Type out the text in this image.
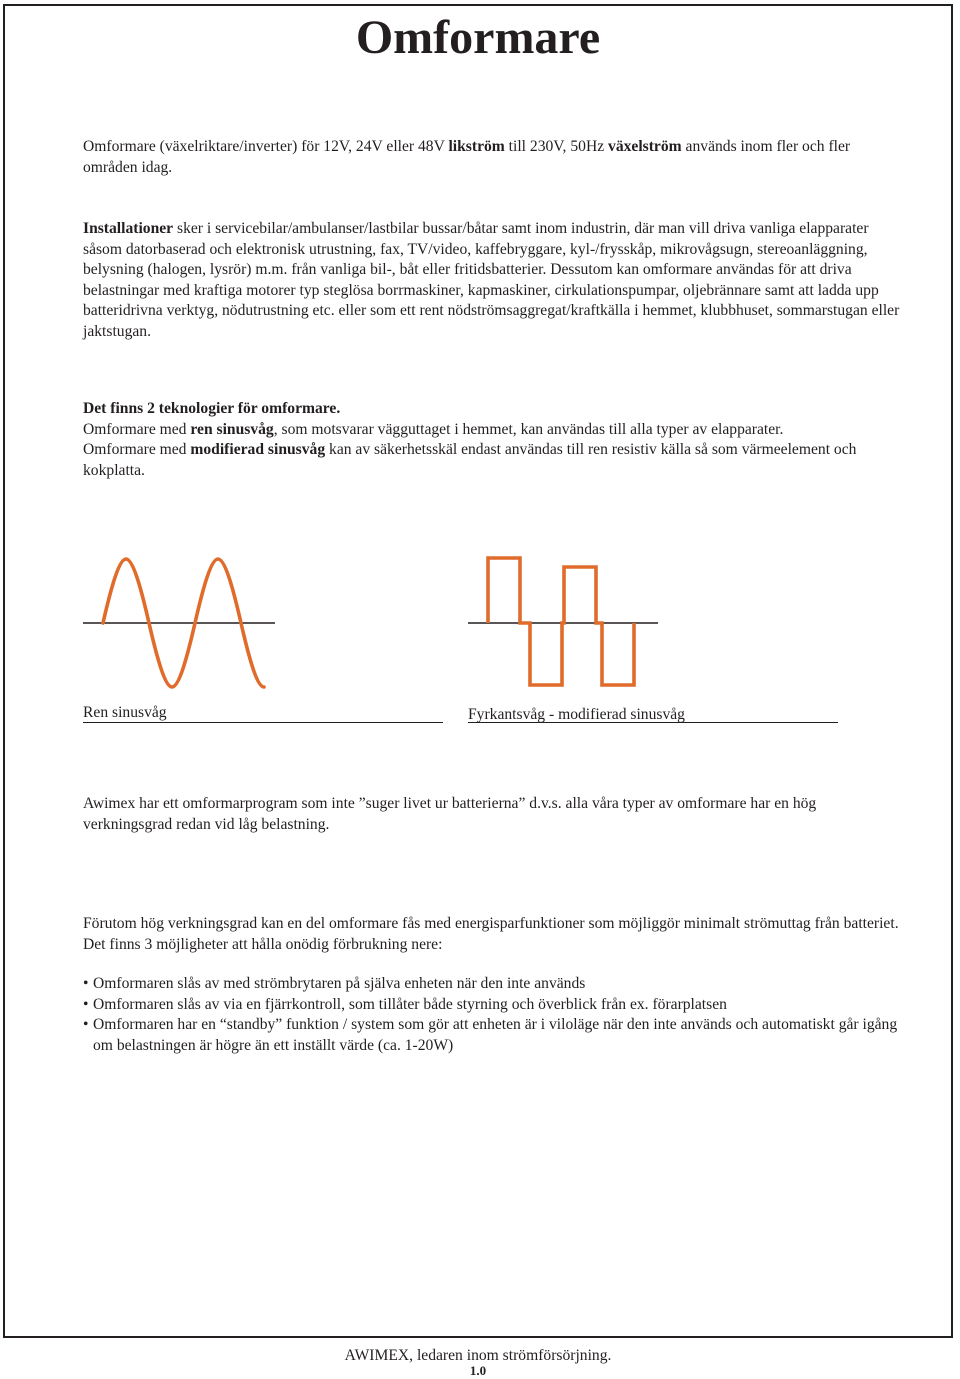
Omformare

Omformare (växelriktare/inverter) för 12V, 24V eller 48V likström till 230V, 50Hz växelström används inom fler och fler områden idag.

Installationer sker i servicebilar/ambulanser/lastbilar bussar/båtar samt inom industrin, där man vill driva vanliga elapparater såsom datorbaserad och elektronisk utrustning, fax, TV/video, kaffebryggare, kyl-/frysskåp, mikrovågsugn, stereoanläggning, belysning (halogen, lysrör) m.m. från vanliga bil-, båt eller fritidsbatterier. Dessutom kan omformare användas för att driva belastningar med kraftiga motorer typ steglösa borrmaskiner, kapmaskiner, cirkulationspumpar, oljebrännare samt att ladda upp batteridrivna verktyg, nödutrustning etc. eller som ett rent nödströmsaggregat/kraftkälla i hemmet, klubbhuset, sommarstugan eller jaktstugan.

Det finns 2 teknologier för omformare.
Omformare med ren sinusvåg, som motsvarar vägguttaget i hemmet, kan användas till alla typer av elapparater.
Omformare med modifierad sinusvåg kan av säkerhetsskäl endast användas till ren resistiv källa så som värmeelement och kokplatta.

Ren sinusvåg	Fyrkantsvåg - modifierad sinusvåg

Awimex har ett omformarprogram som inte ”suger livet ur batterierna” d.v.s. alla våra typer av omformare har en hög verkningsgrad redan vid låg belastning.

Förutom hög verkningsgrad kan en del omformare fås med energisparfunktioner som möjliggör minimalt strömuttag från batteriet. Det finns 3 möjligheter att hålla onödig förbrukning nere:

• Omformaren slås av med strömbrytaren på själva enheten när den inte används
• Omformaren slås av via en fjärrkontroll, som tillåter både styrning och överblick från ex. förarplatsen
• Omformaren har en “standby” funktion / system som gör att enheten är i viloläge när den inte används och automatiskt går igång om belastningen är högre än ett inställt värde (ca. 1-20W)

AWIMEX, ledaren inom strömförsörjning.

1.0
